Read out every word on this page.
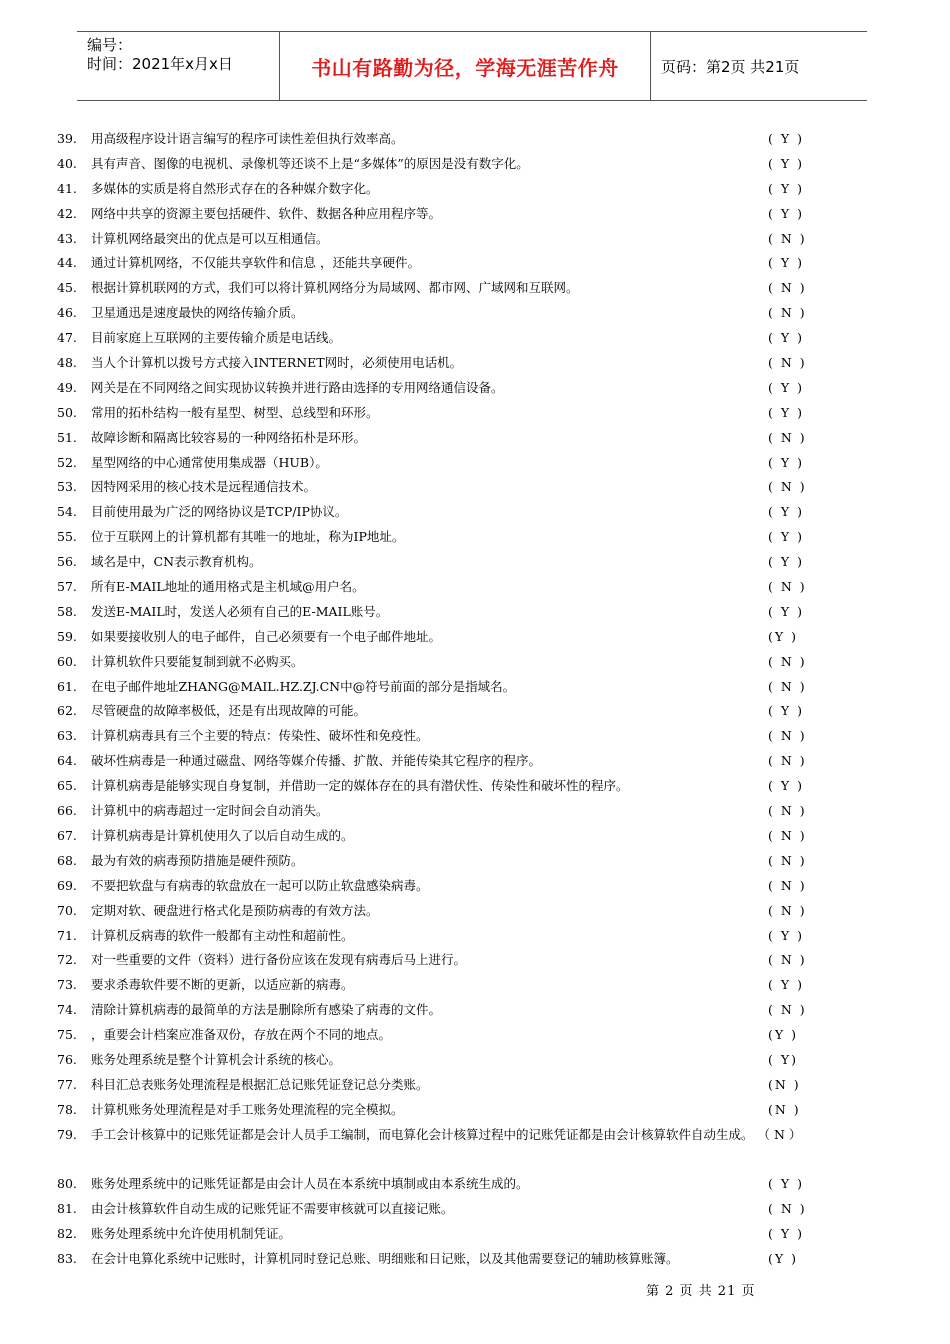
编号：
时间：2021年x月x日	书山有路勤为径，学海无涯苦作舟	页码：第2页 共21页
39.	用高级程序设计语言编写的程序可读性差但执行效率高。	( Y )
40.	具有声音、图像的电视机、录像机等还谈不上是“多媒体”的原因是没有数字化。	( Y )
41.	多媒体的实质是将自然形式存在的各种媒介数字化。	( Y )
42.	网络中共享的资源主要包括硬件、软件、数据各种应用程序等。	( Y )
43.	计算机网络最突出的优点是可以互相通信。	( N )
44.	通过计算机网络，不仅能共享软件和信息 ，还能共享硬件。	( Y )
45.	根据计算机联网的方式，我们可以将计算机网络分为局域网、都市网、广域网和互联网。	( N )
46.	卫星通迅是速度最快的网络传输介质。	( N )
47.	目前家庭上互联网的主要传输介质是电话线。	( Y )
48.	当人个计算机以拨号方式接入INTERNET网时，必须使用电话机。	( N )
49.	网关是在不同网络之间实现协议转换并进行路由选择的专用网络通信设备。	( Y )
50.	常用的拓朴结构一般有星型、树型、总线型和环形。	( Y )
51.	故障诊断和隔离比较容易的一种网络拓朴是环形。	( N )
52.	星型网络的中心通常使用集成器（HUB）。	( Y )
53.	因特网采用的核心技术是远程通信技术。	( N )
54.	目前使用最为广泛的网络协议是TCP/IP协议。	( Y )
55.	位于互联网上的计算机都有其唯一的地址，称为IP地址。	( Y )
56.	域名是中，CN表示教育机构。	( Y )
57.	所有E-MAIL地址的通用格式是主机域@用户名。	( N )
58.	发送E-MAIL时，发送人必须有自己的E-MAIL账号。	( Y )
59.	如果要接收别人的电子邮件，自己必须要有一个电子邮件地址。	(Y )
60.	计算机软件只要能复制到就不必购买。	( N )
61.	在电子邮件地址ZHANG@MAIL.HZ.ZJ.CN中@符号前面的部分是指域名。	( N )
62.	尽管硬盘的故障率极低，还是有出现故障的可能。	( Y )
63.	计算机病毒具有三个主要的特点：传染性、破坏性和免疫性。	( N )
64.	破坏性病毒是一种通过磁盘、网络等媒介传播、扩散、并能传染其它程序的程序。	( N )
65.	计算机病毒是能够实现自身复制，并借助一定的媒体存在的具有潜伏性、传染性和破坏性的程序。	( Y )
66.	计算机中的病毒超过一定时间会自动消失。	( N )
67.	计算机病毒是计算机使用久了以后自动生成的。	( N )
68.	最为有效的病毒预防措施是硬件预防。	( N )
69.	不要把软盘与有病毒的软盘放在一起可以防止软盘感染病毒。	( N )
70.	定期对软、硬盘进行格式化是预防病毒的有效方法。	( N )
71.	计算机反病毒的软件一般都有主动性和超前性。	( Y )
72.	对一些重要的文件（资料）进行备份应该在发现有病毒后马上进行。	( N )
73.	要求杀毒软件要不断的更新，以适应新的病毒。	( Y )
74.	清除计算机病毒的最简单的方法是删除所有感染了病毒的文件。	( N )
75.	，重要会计档案应准备双份，存放在两个不同的地点。	(Y )
76.	账务处理系统是整个计算机会计系统的核心。	( Y)
77.	科目汇总表账务处理流程是根据汇总记账凭证登记总分类账。	(N )
78.	计算机账务处理流程是对手工账务处理流程的完全模拟。	(N )
79.	手工会计核算中的记账凭证都是会计人员手工编制，而电算化会计核算过程中的记账凭证都是由会计核算软件自动生成。 （ N ）
80.	账务处理系统中的记账凭证都是由会计人员在本系统中填制或由本系统生成的。	( Y )
81.	由会计核算软件自动生成的记账凭证不需要审核就可以直接记账。	( N )
82.	账务处理系统中允许使用机制凭证。	( Y )
83.	在会计电算化系统中记账时，计算机同时登记总账、明细账和日记账，以及其他需要登记的辅助核算账簿。	(Y )
第 2 页 共 21 页
